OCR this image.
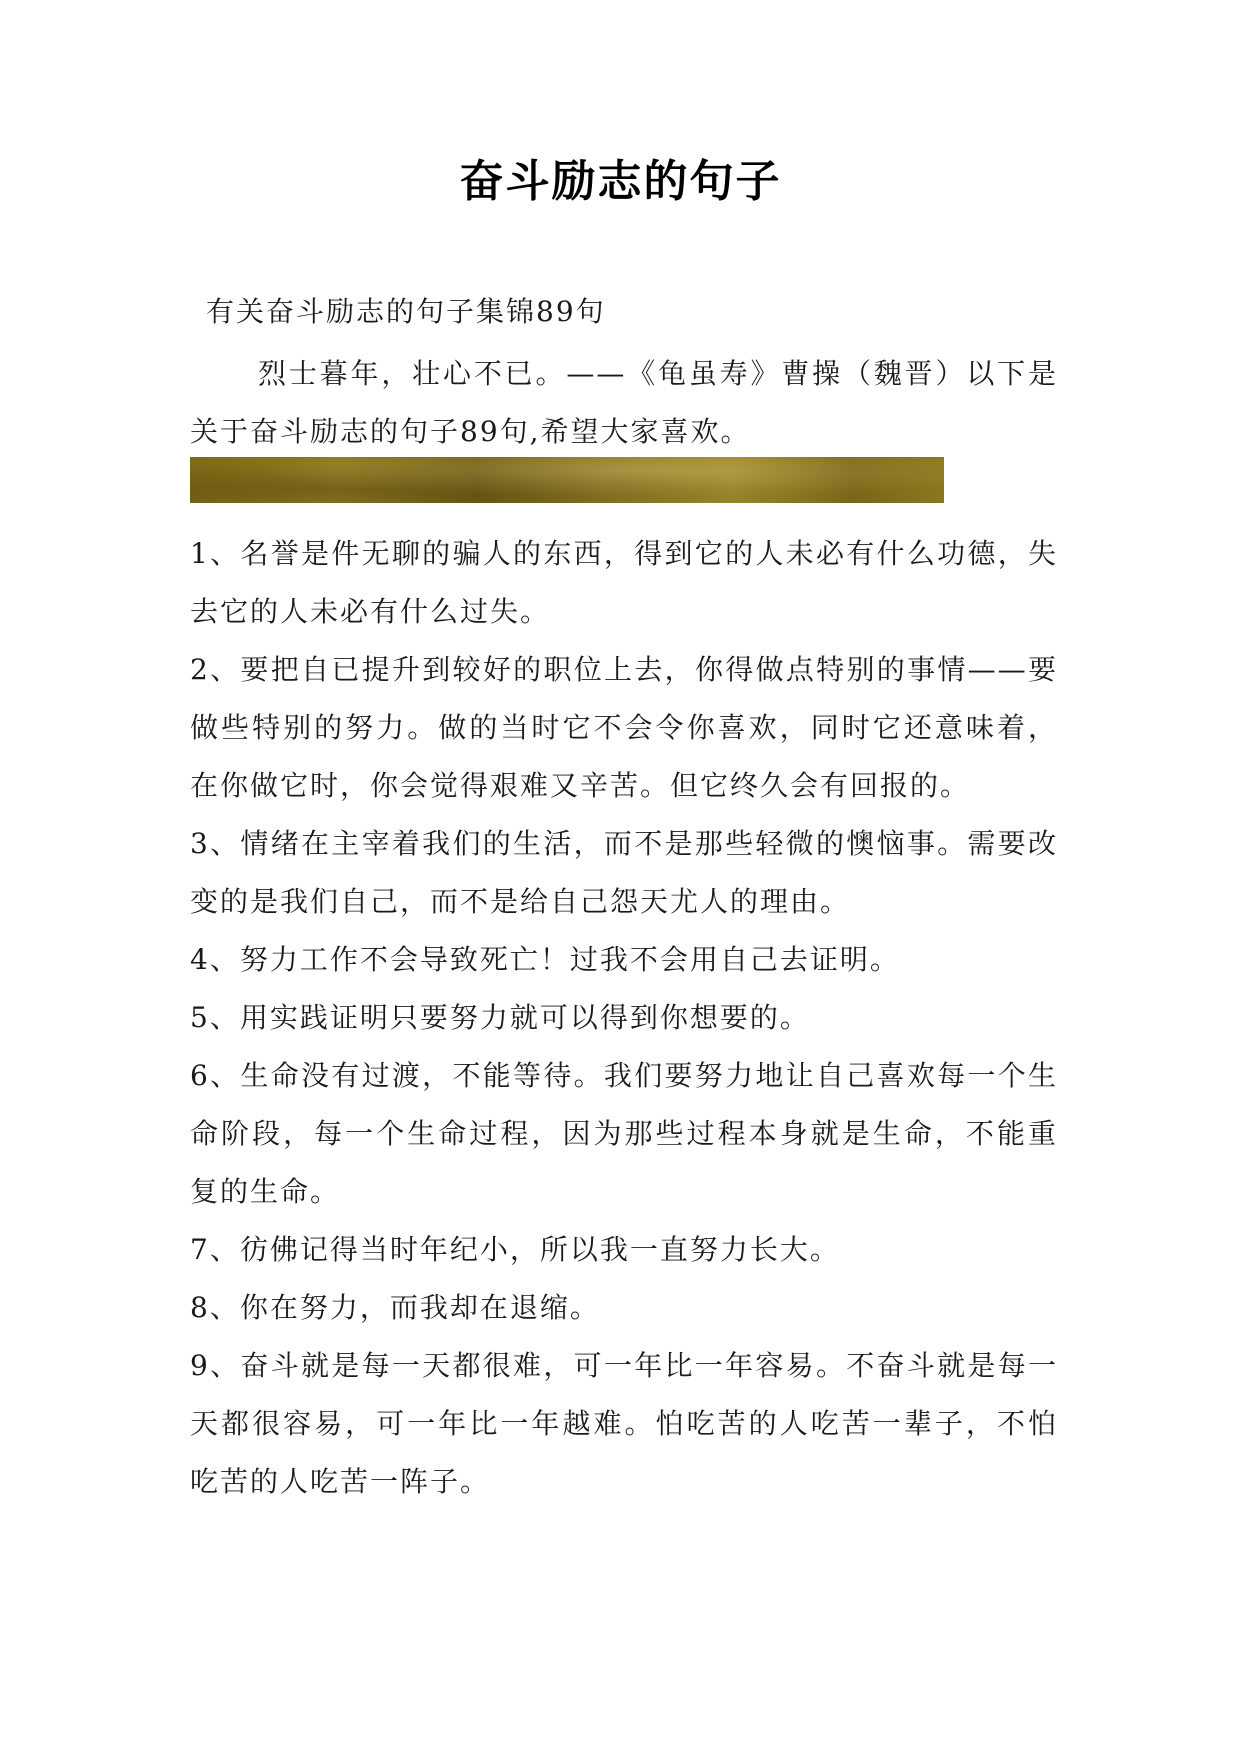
奋斗励志的句子
有关奋斗励志的句子集锦89句

烈士暮年，壮心不已。——《龟虽寿》曹操（魏晋）以下是关于奋斗励志的句子89句,希望大家喜欢。

1、名誉是件无聊的骗人的东西，得到它的人未必有什么功德，失去它的人未必有什么过失。
2、要把自已提升到较好的职位上去，你得做点特别的事情——要做些特别的努力。做的当时它不会令你喜欢，同时它还意味着，在你做它时，你会觉得艰难又辛苦。但它终久会有回报的。
3、情绪在主宰着我们的生活，而不是那些轻微的懊恼事。需要改变的是我们自己，而不是给自己怨天尤人的理由。
4、努力工作不会导致死亡！过我不会用自己去证明。
5、用实践证明只要努力就可以得到你想要的。
6、生命没有过渡，不能等待。我们要努力地让自己喜欢每一个生命阶段，每一个生命过程，因为那些过程本身就是生命，不能重复的生命。
7、彷佛记得当时年纪小，所以我一直努力长大。
8、你在努力，而我却在退缩。
9、奋斗就是每一天都很难，可一年比一年容易。不奋斗就是每一天都很容易，可一年比一年越难。怕吃苦的人吃苦一辈子，不怕吃苦的人吃苦一阵子。
